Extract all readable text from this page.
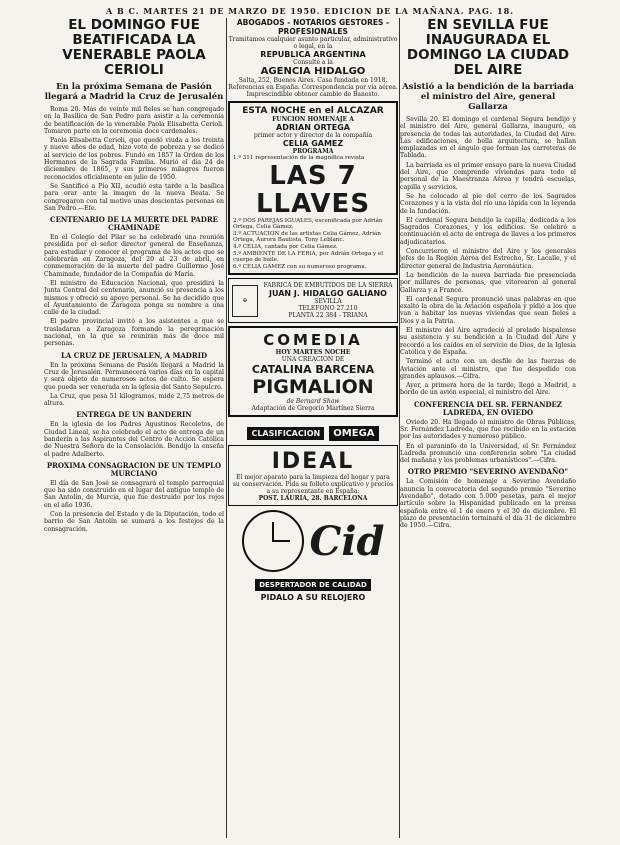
A B C. MARTES 21 DE MARZO DE 1950. EDICION DE LA MAÑANA. PAG. 18.
EL DOMINGO FUE BEATIFICADA LA VENERABLE PAOLA CERIOLI
En la próxima Semana de Pasión llegará a Madrid la Cruz de Jerusalén

Roma 20. Más de veinte mil fieles se han congregado en la Basílica de San Pedro para asistir a la ceremonia de beatificación de la venerable Paola Elisabetta Cerioli. Tomaron parte en la ceremonia doce cardenales.

Paola Elisabetta Cerioli, que quedó viuda a los treinta y nueve años de edad, hizo voto de pobreza y se dedicó al servicio de los pobres. Fundó en 1857 la Orden de los Hermanos de la Sagrada Familia. Murió el día 24 de diciembre de 1865, y sus primeros milagros fueron reconocidos oficialmente en julio de 1950.

Se Santificó a Pío XII, acudió esta tarde a la basílica para orar ante la imagen de la nueva Beata. Se congregaron con tal motivo unas doscientas personas en San Pedro.—Efe.

CENTENARIO DE LA MUERTE DEL PADRE CHAMINADE

En el Colegio del Pilar se ha celebrado una reunión presidida por el señor director general de Enseñanza, para estudiar y conocer el programa de los actos que se celebrarán en Zaragoza, del 20 al 23 de abril, en conmemoración de la muerte del padre Guillermo José Chaminade, fundador de la Compañía de María.

El ministro de Educación Nacional, que presidirá la Junta Central del centenario, anunció su presencia a los mismos y ofreció su apoyo personal. Se ha decidido que el Ayuntamiento de Zaragoza ponga su nombre a una calle de la ciudad.

El padre provincial invitó a los asistentes a que se trasladaran a Zaragoza formando la peregrinación nacional, en la que se reunirán más de doce mil personas.

LA CRUZ DE JERUSALEN, A MADRID

En la próxima Semana de Pasión llegará a Madrid la Cruz de Jerusalén. Permanecerá varios días en la capital y será objeto de numerosos actos de culto. Se espera que pueda ser venerada en la iglesia del Santo Sepulcro.

La Cruz, que pesa 51 kilogramos, mide 2,75 metros de altura.

ENTREGA DE UN BANDERIN

En la iglesia de los Padres Agustinos Recoletos, de Ciudad Lineal, se ha celebrado el acto de entrega de un banderín a las Aspirantes del Centro de Acción Católica de Nuestra Señora de la Consolación. Bendijo la enseña el padre Adalberto.

PROXIMA CONSAGRACION DE UN TEMPLO MURCIANO

El día de San José se consagrará el templo parroquial que ha sido construido en el lugar del antiguo templo de San Antolín, de Murcia, que fue destruido por los rojos en el año 1936.

Con la presencia del Estado y de la Diputación, todo el barrio de San Antolín se sumará a los festejos de la consagración.

ABOGADOS - NOTARIOS GESTORES - PROFESIONALES
Tramitamos cualquier asunto particular, administrativo o legal, en la
REPUBLICA ARGENTINA
Consulte a la
AGENCIA HIDALGO
Salta, 252, Buenos Aires. Casa fundada en 1918.
Referencias en España. Correspondencia por vía aérea. Imprescindible obtener cambio de Banesto.
ESTA NOCHE en el ALCAZAR
FUNCION HOMENAJE A
ADRIAN ORTEGA
primer actor y director de la compañía
CELIA GAMEZ
PROGRAMA
1.º 311 representación de la magnífica revista
LAS 7 LLAVES
2.º DOS PAREJAS IGUALES, escenificada por Adrián Ortega, Celia Gámez.
3.º ACTUACION de las artistas Celia Gámez, Adrián Ortega, Aurora Bautista, Tony Leblanc.
4.º CELIA, cantada por Celia Gámez.
5.º AMBIENTE DE LA FERIA, por Adrián Ortega y el cuerpo de baile.
6.º CELIA GAMEZ con su numeroso programa.
✠
FABRICA DE EMBUTIDOS DE LA SIERRA
JUAN J. HIDALGO GALIANO
SEVILLA
TELEFONO 27.210
PLANTA 22 384 - TRIANA
COMEDIA
HOY MARTES NOCHE
UNA CREACION DE
CATALINA BARCENA
PIGMALION
de Bernard Shaw
Adaptación de Gregorio Martínez Sierra
CLASIFICACION OMEGA
IDEAL
El mejor aparato para la limpieza del hogar y para su conservación. Pida su folleto explicativo y precios a su representante en España:
POST. LAURIA, 28. BARCELONA
Cid
DESPERTADOR DE CALIDAD
PIDALO A SU RELOJERO
EN SEVILLA FUE INAUGURADA EL DOMINGO LA CIUDAD DEL AIRE
Asistió a la bendición de la barriada el ministro del Aire, general Gallarza

Sevilla 20. El domingo el cardenal Segura bendijo y el ministro del Aire, general Gallarza, inauguró, en presencia de todas las autoridades, la Ciudad del Aire. Las edificaciones, de bella arquitectura, se hallan emplazadas en el ángulo que forman las carreteras de Tablada.

La barriada es el primer ensayo para la nueva Ciudad del Aire, que comprende viviendas para todo el personal de la Maestranza Aérea y tendrá escuelas, capilla y servicios.

Se ha colocado al pie del cerro de los Sagrados Corazones y a la vista del río una lápida con la leyenda de la fundación.

El cardenal Segura bendijo la capilla, dedicada a los Sagrados Corazones, y los edificios. Se celebró a continuación el acto de entrega de llaves a los primeros adjudicatarios.

Concurrieron el ministro del Aire y los generales jefes de la Región Aérea del Estrecho, Sr. Lacalle, y el director general de Industria Aeronáutica.

La bendición de la nueva barriada fue presenciada por millares de personas, que vitorearon al general Gallarza y a Franco.

El cardenal Segura pronunció unas palabras en que exaltó la obra de la Aviación española y pidió a los que van a habitar las nuevas viviendas que sean fieles a Dios y a la Patria.

El ministro del Aire agradeció al prelado hispalense su asistencia y su bendición a la Ciudad del Aire y recordó a los caídos en el servicio de Dios, de la Iglesia Católica y de España.

Terminó el acto con un desfile de las fuerzas de Aviación ante el ministro, que fue despedido con grandes aplausos.—Cifra.

Ayer, a primera hora de la tarde, llegó a Madrid, a bordo de un avión especial, el ministro del Aire.

CONFERENCIA DEL SR. FERNANDEZ LADREDA, EN OVIEDO

Oviedo 20. Ha llegado el ministro de Obras Públicas, Sr. Fernández Ladreda, que fue recibido en la estación por las autoridades y numeroso público.

En el paraninfo de la Universidad, el Sr. Fernández Ladreda pronunció una conferencia sobre "La ciudad del mañana y los problemas urbanísticos".—Cifra.

OTRO PREMIO "SEVERINO AVENDAÑO"

La Comisión de homenaje a Severino Avendaño anuncia la convocatoria del segundo premio "Severino Avendaño", dotado con 5.000 pesetas, para el mejor artículo sobre la Hispanidad publicado en la prensa española entre el 1 de enero y el 30 de diciembre. El plazo de presentación terminará el día 31 de diciembre de 1950.—Cifra.
